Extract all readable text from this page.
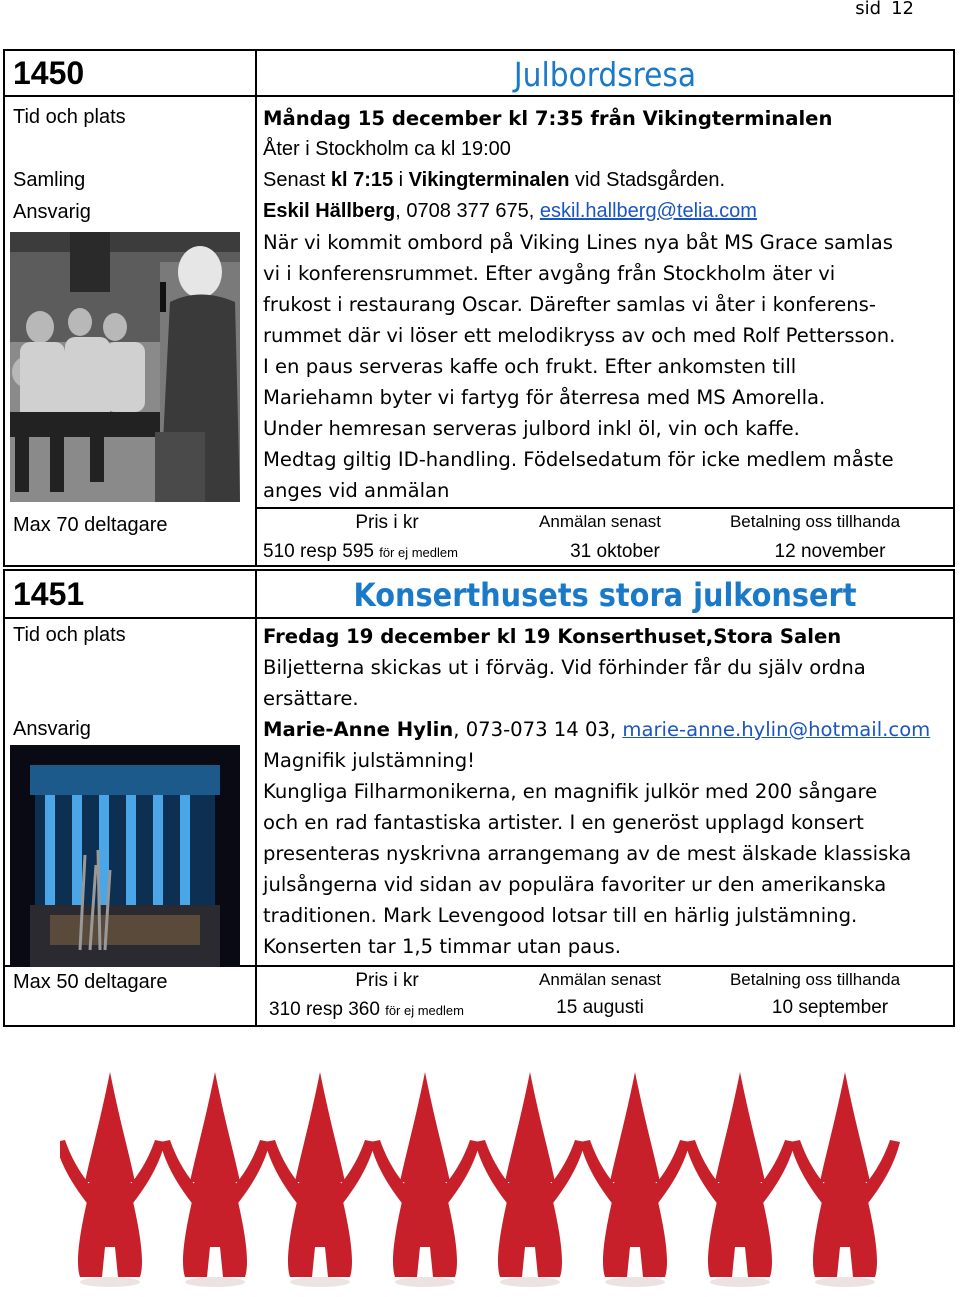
sid 12
1450	Julbordsresa
Tid och plats
Samling
Ansvarig
Max 70 deltagare
Måndag 15 december kl 7:35 från Vikingterminalen
Åter i Stockholm ca kl 19:00
Senast kl 7:15 i Vikingterminalen vid Stadsgården.
Eskil Hällberg, 0708 377 675, eskil.hallberg@telia.com
När vi kommit ombord på Viking Lines nya båt MS Grace samlas
vi i konferensrummet. Efter avgång från Stockholm äter vi
frukost i restaurang Oscar. Därefter samlas vi åter i konferens-
rummet där vi löser ett melodikryss av och med Rolf Pettersson.
I en paus serveras kaffe och frukt. Efter ankomsten till
Mariehamn byter vi fartyg för återresa med MS Amorella.
Under hemresan serveras julbord inkl öl, vin och kaffe.
Medtag giltig ID-handling. Födelsedatum för icke medlem måste
anges vid anmälan
Pris i kr
510 resp 595 för ej medlem
Anmälan senast
31 oktober
Betalning oss tillhanda
12 november
1451	Konserthusets stora julkonsert
Tid och plats
Ansvarig
Max 50 deltagare
Fredag 19 december kl 19 Konserthuset,Stora Salen
Biljetterna skickas ut i förväg. Vid förhinder får du själv ordna
ersättare.
Marie-Anne Hylin, 073-073 14 03, marie-anne.hylin@hotmail.com
Magnifik julstämning!
Kungliga Filharmonikerna, en magnifik julkör med 200 sångare
och en rad fantastiska artister. I en generöst upplagd konsert
presenteras nyskrivna arrangemang av de mest älskade klassiska
julsångerna vid sidan av populära favoriter ur den amerikanska
traditionen. Mark Levengood lotsar till en härlig julstämning.
Konserten tar 1,5 timmar utan paus.
Pris i kr
310 resp 360 för ej medlem
Anmälan senast
15 augusti
Betalning oss tillhanda
10 september
